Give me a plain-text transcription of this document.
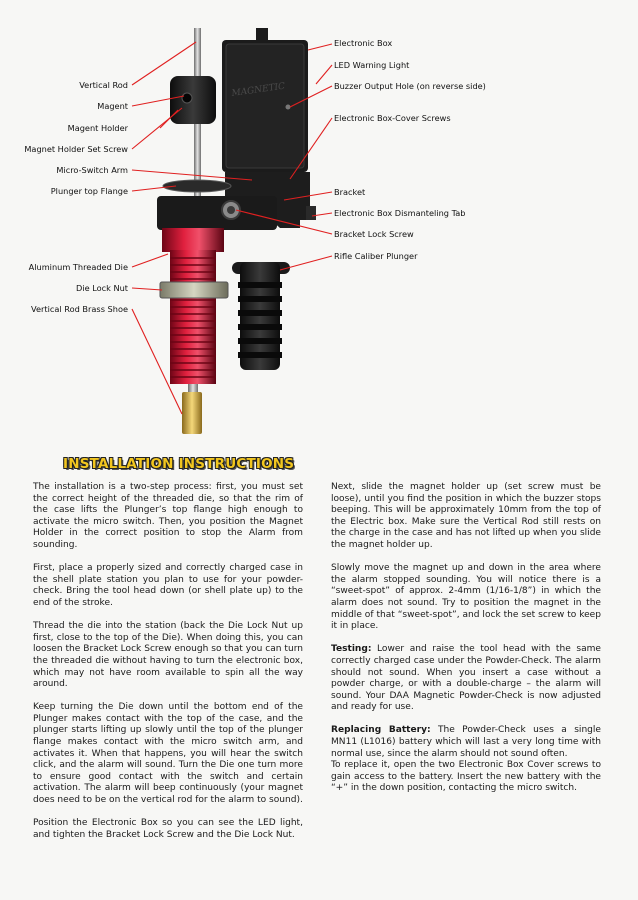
MAGNETIC
Vertical Rod
Magent
Magent Holder
Magnet Holder Set Screw
Micro-Switch Arm
Plunger top Flange
Aluminum Threaded Die
Die Lock Nut
Vertical Rod Brass Shoe
Electronic Box
LED Warning Light
Buzzer Output Hole (on reverse side)
Electronic Box-Cover Screws
Bracket
Electronic Box Dismanteling Tab
Bracket Lock Screw
Rifle Caliber Plunger
INSTALLATION INSTRUCTIONS

The installation is a two-step process: first, you must set the correct height of the threaded die, so that the rim of the case lifts the Plunger’s top flange high enough to activate the micro switch. Then, you position the Magnet Holder in the correct position to stop the Alarm from sounding.

First, place a properly sized and correctly charged case in the shell plate station you plan to use for your powder-check. Bring the tool head down (or shell plate up) to the end of the stroke.

Thread the die into the station (back the Die Lock Nut up first, close to the top of the Die). When doing this, you can loosen the Bracket Lock Screw enough so that you can turn the threaded die without having to turn the electronic box, which may not have room available to spin all the way around.

Keep turning the Die down until the bottom end of the Plunger makes contact with the top of the case, and the plunger starts lifting up slowly until the top of the plunger flange makes contact with the micro switch arm, and activates it. When that happens, you will hear the switch click, and the alarm will sound. Turn the Die one turn more to ensure good contact with the switch and certain activation. The alarm will beep continuously (your magnet does need to be on the vertical rod for the alarm to sound).

Position the Electronic Box so you can see the LED light, and tighten the Bracket Lock Screw and the Die Lock Nut.

Next, slide the magnet holder up (set screw must be loose), until you find the position in which the buzzer stops beeping. This will be approximately 10mm from the top of the Electric box. Make sure the Vertical Rod still rests on the charge in the case and has not lifted up when you slide the magnet holder up.

Slowly move the magnet up and down in the area where the alarm stopped sounding. You will notice there is a “sweet-spot” of approx. 2-4mm (1/16-1/8”) in which the alarm does not sound. Try to position the magnet in the middle of that “sweet-spot”, and lock the set screw to keep it in place.

Testing: Lower and raise the tool head with the same correctly charged case under the Powder-Check. The alarm should not sound. When you insert a case without a powder charge, or with a double-charge – the alarm will sound. Your DAA Magnetic Powder-Check is now adjusted and ready for use.

Replacing Battery: The Powder-Check uses a single MN11 (L1016) battery which will last a very long time with normal use, since the alarm should not sound often.

To replace it, open the two Electronic Box Cover screws to gain access to the battery. Insert the new battery with the “+” in the down position, contacting the micro switch.
